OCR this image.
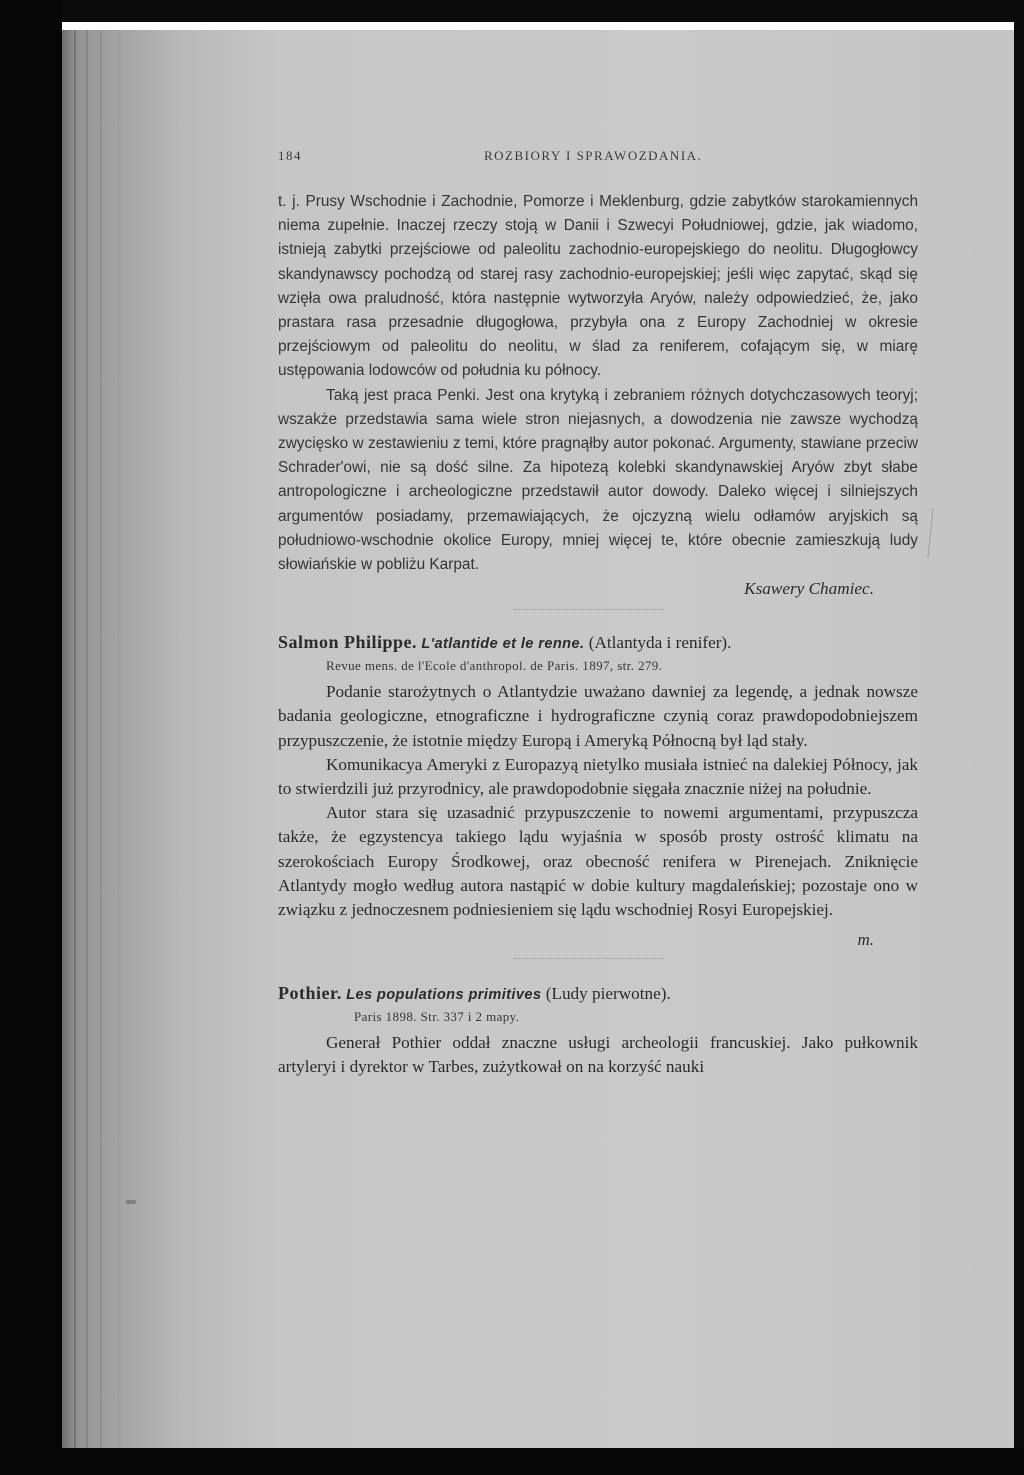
184	ROZBIORY I SPRAWOZDANIA.

t. j. Prusy Wschodnie i Zachodnie, Pomorze i Meklenburg, gdzie zabytków starokamiennych niema zupełnie. Inaczej rzeczy stoją w Danii i Szwecyi Południowej, gdzie, jak wiadomo, istnieją zabytki przejściowe od paleolitu zachodnio-europejskiego do neolitu. Długogłowcy skandynawscy pochodzą od starej rasy zachodnio-europejskiej; jeśli więc zapytać, skąd się wzięła owa praludność, która następnie wytworzyła Aryów, należy odpowiedzieć, że, jako prastara rasa przesadnie długogłowa, przybyła ona z Europy Zachodniej w okresie przejściowym od paleolitu do neolitu, w ślad za reniferem, cofającym się, w miarę ustępowania lodowców od południa ku północy.

Taką jest praca Penki. Jest ona krytyką i zebraniem różnych dotychczasowych teoryj; wszakże przedstawia sama wiele stron niejasnych, a dowodzenia nie zawsze wychodzą zwycięsko w zestawieniu z temi, które pragnąłby autor pokonać. Argumenty, stawiane przeciw Schrader'owi, nie są dość silne. Za hipotezą kolebki skandynawskiej Aryów zbyt słabe antropologiczne i archeologiczne przedstawił autor dowody. Daleko więcej i silniejszych argumentów posiadamy, przemawiających, że ojczyzną wielu odłamów aryjskich są południowo-wschodnie okolice Europy, mniej więcej te, które obecnie zamieszkują ludy słowiańskie w pobliżu Karpat.

Ksawery Chamiec.

Salmon Philippe. L'atlantide et le renne. (Atlantyda i renifer).

Revue mens. de l'Ecole d'anthropol. de Paris. 1897, str. 279.

Podanie starożytnych o Atlantydzie uważano dawniej za legendę, a jednak nowsze badania geologiczne, etnograficzne i hydrograficzne czynią coraz prawdopodobniejszem przypuszczenie, że istotnie między Europą i Ameryką Północną był ląd stały.

Komunikacya Ameryki z Europazyą nietylko musiała istnieć na dalekiej Północy, jak to stwierdzili już przyrodnicy, ale prawdopodobnie sięgała znacznie niżej na południe.

Autor stara się uzasadnić przypuszczenie to nowemi argumentami, przypuszcza także, że egzystencya takiego lądu wyjaśnia w sposób prosty ostrość klimatu na szerokościach Europy Środkowej, oraz obecność renifera w Pirenejach. Zniknięcie Atlantydy mogło według autora nastąpić w dobie kultury magdaleńskiej; pozostaje ono w związku z jednoczesnem podniesieniem się lądu wschodniej Rosyi Europejskiej.

m.

Pothier. Les populations primitives (Ludy pierwotne).

Paris 1898. Str. 337 i 2 mapy.

Generał Pothier oddał znaczne usługi archeologii francuskiej. Jako pułkownik artyleryi i dyrektor w Tarbes, zużytkował on na korzyść nauki
